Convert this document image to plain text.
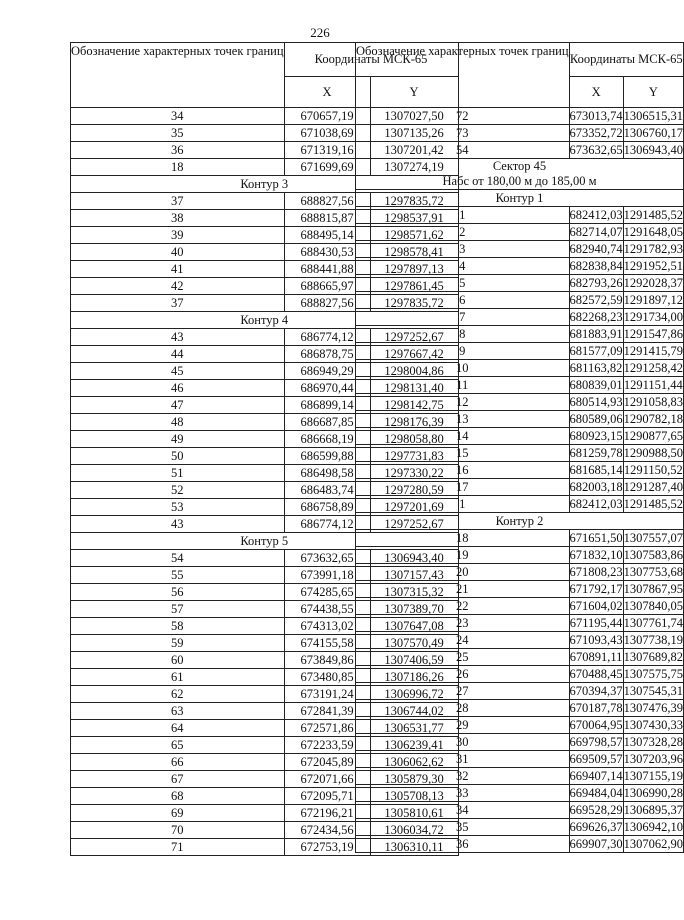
226
Обозначение характерных точек границ	Координаты МСК-65	
	X	Y
34	670657,19	1307027,50
35	671038,69	1307135,26
36	671319,16	1307201,42
18	671699,69	1307274,19

Контур 3		

37	688827,56	1297835,72
38	688815,87	1298537,91
39	688495,14	1298571,62
40	688430,53	1298578,41
41	688441,88	1297897,13
42	688665,97	1297861,45
37	688827,56	1297835,72

Контур 4		

43	686774,12	1297252,67
44	686878,75	1297667,42
45	686949,29	1298004,86
46	686970,44	1298131,40
47	686899,14	1298142,75
48	686687,85	1298176,39
49	686668,19	1298058,80
50	686599,88	1297731,83
51	686498,58	1297330,22
52	686483,74	1297280,59
53	686758,89	1297201,69
43	686774,12	1297252,67

Контур 5		

54	673632,65	1306943,40
55	673991,18	1307157,43
56	674285,65	1307315,32
57	674438,55	1307389,70
58	674313,02	1307647,08
59	674155,58	1307570,49
60	673849,86	1307406,59
61	673480,85	1307186,26
62	673191,24	1306996,72
63	672841,39	1306744,02
64	672571,86	1306531,77
65	672233,59	1306239,41
66	672045,89	1306062,62
67	672071,66	1305879,30
68	672095,71	1305708,13
69	672196,21	1305810,61
70	672434,56	1306034,72
71	672753,19	1306310,11
Обозначение характерных точек границ	Координаты МСК-65	
	X	Y
72	673013,74	1306515,31
73	673352,72	1306760,17
54	673632,65	1306943,40

Сектор 45
Набс от 180,00 м до 185,00 м		

Контур 1		

1	682412,03	1291485,52
2	682714,07	1291648,05
3	682940,74	1291782,93
4	682838,84	1291952,51
5	682793,26	1292028,37
6	682572,59	1291897,12
7	682268,23	1291734,00
8	681883,91	1291547,86
9	681577,09	1291415,79
10	681163,82	1291258,42
11	680839,01	1291151,44
12	680514,93	1291058,83
13	680589,06	1290782,18
14	680923,15	1290877,65
15	681259,78	1290988,50
16	681685,14	1291150,52
17	682003,18	1291287,40
1	682412,03	1291485,52

Контур 2		

18	671651,50	1307557,07
19	671832,10	1307583,86
20	671808,23	1307753,68
21	671792,17	1307867,95
22	671604,02	1307840,05
23	671195,44	1307761,74
24	671093,43	1307738,19
25	670891,11	1307689,82
26	670488,45	1307575,75
27	670394,37	1307545,31
28	670187,78	1307476,39
29	670064,95	1307430,33
30	669798,57	1307328,28
31	669509,57	1307203,96
32	669407,14	1307155,19
33	669484,04	1306990,28
34	669528,29	1306895,37
35	669626,37	1306942,10
36	669907,30	1307062,90
